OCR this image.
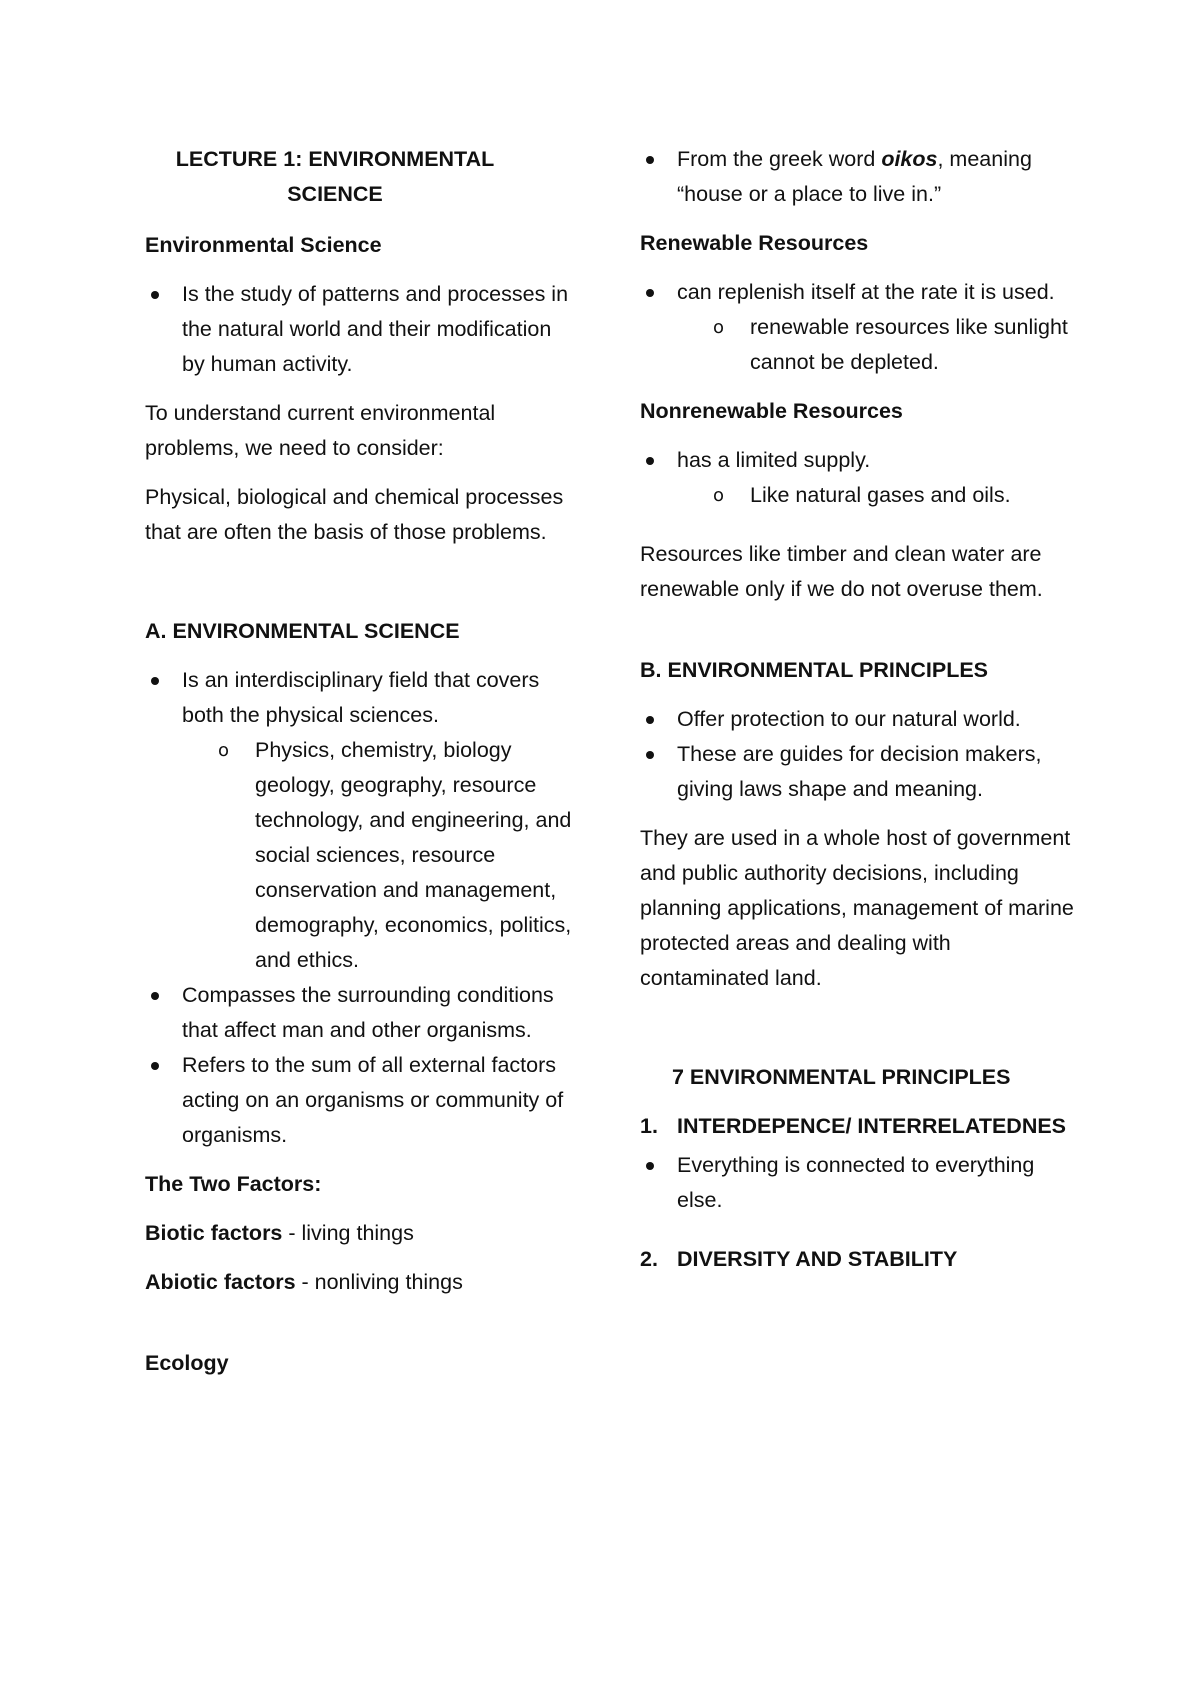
LECTURE 1: ENVIRONMENTAL
SCIENCE
Environmental Science
Is the study of patterns and processes in the natural world and their modification by human activity.

To understand current environmental problems, we need to consider:

Physical, biological and chemical processes that are often the basis of those problems.

A. ENVIRONMENTAL SCIENCE
Is an interdisciplinary field that covers both the physical sciences.
o Physics, chemistry, biology geology, geography, resource technology, and engineering, and social sciences, resource conservation and management, demography, economics, politics, and ethics.
Compasses the surrounding conditions that affect man and other organisms.
Refers to the sum of all external factors acting on an organisms or community of organisms.
The Two Factors:

Biotic factors - living things

Abiotic factors - nonliving things

Ecology
From the greek word oikos, meaning “house or a place to live in.”
Renewable Resources
can replenish itself at the rate it is used.
o renewable resources like sunlight cannot be depleted.
Nonrenewable Resources
has a limited supply.
o Like natural gases and oils.

Resources like timber and clean water are renewable only if we do not overuse them.

B. ENVIRONMENTAL PRINCIPLES
Offer protection to our natural world.
These are guides for decision makers, giving laws shape and meaning.

They are used in a whole host of government and public authority decisions, including planning applications, management of marine protected areas and dealing with contaminated land.

7 ENVIRONMENTAL PRINCIPLES
1. INTERDEPENCE/ INTERRELATEDNES
Everything is connected to everything else.
2. DIVERSITY AND STABILITY
